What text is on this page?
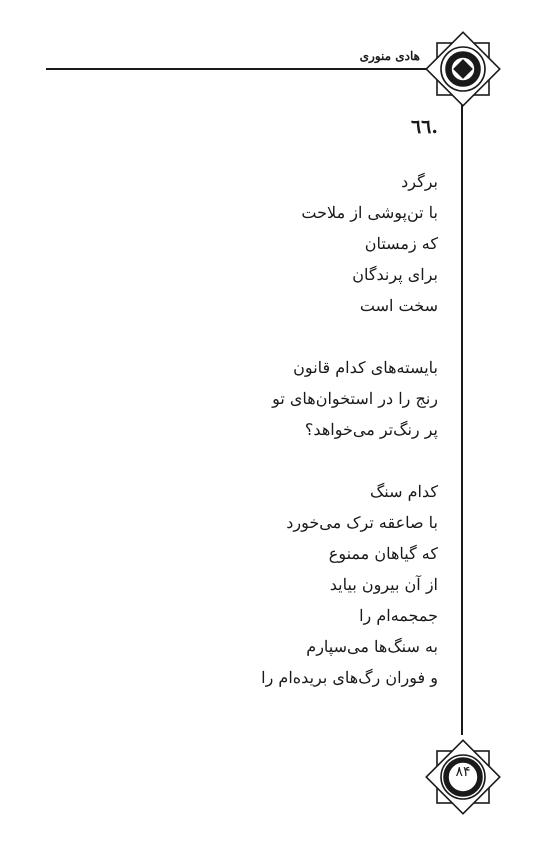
هادی منوری
۸۴
.٦٦
برگرد
با تن‌پوشی از ملاحت
که زمستان
برای پرندگان
سخت است
بایسته‌های کدام قانون
رنج را در استخوان‌های تو
پر رنگ‌تر می‌خواهد؟
کدام سنگ
با صاعقه ترک می‌خورد
که گیاهان ممنوع
از آن بیرون بیاید
جمجمه‌ام را
به سنگ‌ها می‌سپارم
و فوران رگ‌های بریده‌ام را
